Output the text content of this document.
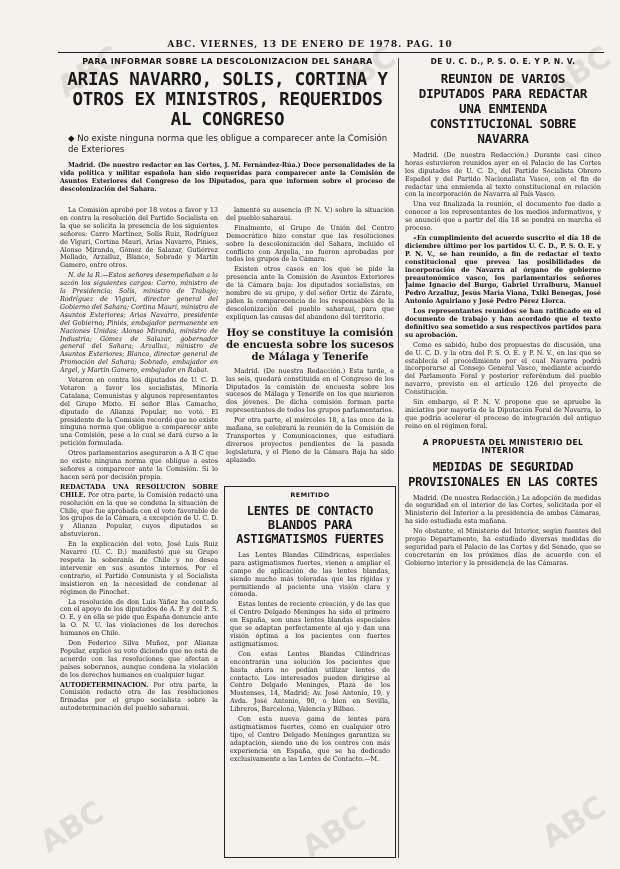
ABC	ABC	ABC
ABC	ABC	ABC
ABC. VIERNES, 13 DE ENERO DE 1978. PAG. 10
PARA INFORMAR SOBRE LA DESCOLONIZACION DEL SAHARA
ARIAS NAVARRO, SOLIS, CORTINA Y OTROS EX MINISTROS, REQUERIDOS AL CONGRESO
◆ No existe ninguna norma que les obligue a comparecer ante la Comisión de Exteriores

Madrid. (De nuestro redactor en las Cortes, J. M. Fernández-Rúa.) Doce personalidades de la vida política y militar española han sido requeridas para comparecer ante la Comisión de Asuntos Exteriores del Congreso de los Diputados, para que informen sobre el proceso de descolonización del Sahara.

La Comisión aprobó por 18 votos a favor y 13 en contra la resolución del Partido Socialista en la que se solicita la presencia de los siguientes señores: Carro Martínez, Solís Ruiz, Rodríguez de Viguri, Cortina Mauri, Arias Navarro, Pinies, Alonso Miranda, Gómez de Salazar, Gutiérrez Mellado, Arzalluz, Blanco, Sobrado y Martín Gamero, entre otros.

N. de la R.—Estos señores desempeñaban a la sazón los siguientes cargos: Carro, ministro de la Presidencia; Solís, ministro de Trabajo; Rodríguez de Viguri, director general del Gobierno del Sahara; Cortina Mauri, ministro de Asuntos Exteriores; Arias Navarro, presidente del Gobierno; Piniés, embajador permanente en Naciones Unidas; Alonso Miranda, ministro de Industria; Gómez de Salazar, gobernador general del Sahara; Arzalluz, ministro de Asuntos Exteriores; Blanco, director general de Promoción del Sahara; Sobrado, embajador en Argel, y Martín Gamero, embajador en Rabat.

Votaron en contra los diputados de U. C. D. Votaron a favor los socialistas, Minoría Catalana, Comunistas y algunos representantes del Grupo Mixto. El señor Blas Camacho, diputado de Alianza Popular, no votó. El presidente de la Comisión recordó que no existe ninguna norma que obligue a comparecer ante una Comisión, pese a lo cual se dará curso a la petición formulada.

Otros parlamentarios aseguraron a A B C que no existe ninguna norma que obligue a estos señores a comparecer ante la Comisión. Si lo hacen será por decisión propia.

REDACTADA UNA RESOLUCION SOBRE CHILE. Por otra parte, la Comisión redactó una resolución en la que se condena la situación de Chile, que fue aprobada con el voto favorable de los grupos de la Cámara, a excepción de U. C. D. y Alianza Popular, cuyos diputados se abstuvieron.

En la explicación del voto, José Luis Ruiz Navarro (U. C. D.) manifestó que su Grupo respeta la soberanía de Chile y no desea intervenir en sus asuntos internos. Por el contrario, el Partido Comunista y el Socialista insistieron en la necesidad de condenar al régimen de Pinochet.

La resolución de don Luis Yáñez ha contado con el apoyo de los diputados de A. P. y del P. S. O. E. y en ella se pide que España denuncie ante la O. N. U. las violaciones de los derechos humanos en Chile.

Don Federico Silva Muñoz, por Alianza Popular, explicó su voto diciendo que no está de acuerdo con las resoluciones que afectan a países soberanos, aunque condena la violación de los derechos humanos en cualquier lugar.

AUTODETERMINACION. Por otra parte, la Comisión redactó otra de las resoluciones firmadas por el grupo socialista sobre la autodeterminación del pueblo saharaui.

lamentó su ausencia (P. N. V.) sobre la situación del pueblo saharaui.

Finalmente, el Grupo de Unión del Centro Democrático hizo constar que las resoluciones sobre la descolonización del Sahara, incluido el conflicto con Argelia, no fueron aprobadas por todos los grupos de la Cámara.

Existen otros casos en los que se pide la presencia ante la Comisión de Asuntos Exteriores de la Cámara baja: los diputados socialistas, en nombre de su grupo, y del señor Ortiz de Zárate, piden la comparecencia de los responsables de la descolonización del pueblo saharaui, para que expliquen las causas del abandono del territorio.

Hoy se constituye la comisión de encuesta sobre los sucesos de Málaga y Tenerife

Madrid. (De nuestra Redacción.) Esta tarde, a las seis, quedará constituida en el Congreso de los Diputados la comisión de encuesta sobre los sucesos de Málaga y Tenerife en los que murieron dos jóvenes. De dicha comisión forman parte representantes de todos los grupos parlamentarios.

Por otra parte, el miércoles 18, a las once de la mañana, se celebrará la reunión de la Comisión de Transportes y Comunicaciones, que estudiará diversos proyectos pendientes de la pasada legislatura, y el Pleno de la Cámara Baja ha sido aplazado.

REMITIDO
LENTES DE CONTACTO BLANDOS PARA ASTIGMATISMOS FUERTES

Las Lentes Blandas Cilíndricas, especiales para astigmatismos fuertes, vienen a ampliar el campo de aplicación de las lentes blandas, siendo mucho más toleradas que las rígidas y permitiendo al paciente una visión clara y cómoda.

Estas lentes de reciente creación, y de las que el Centro Delgado Meninges ha sido el primero en España, son unas lentes blandas especiales que se adaptan perfectamente al ojo y dan una visión óptima a los pacientes con fuertes astigmatismos.

Con estas Lentes Blandas Cilíndricas encontrarán una solución los pacientes que hasta ahora no podían utilizar lentes de contacto. Los interesados pueden dirigirse al Centro Delgado Meninges, Plaza de los Mostenses, 14, Madrid; Av. José Antonio, 19, y Avda. José Antonio, 90, o bien en Sevilla, Libreros, Barcelona, Valencia y Bilbao.

Con esta nueva gama de lentes para astigmatismos fuertes, como en cualquier otro tipo, el Centro Delgado Meninges garantiza su adaptación, siendo uno de los centros con más experiencia en España, que se ha dedicado exclusivamente a las Lentes de Contacto.—M.

DE U. C. D., P. S. O. E. Y P. N. V.
REUNION DE VARIOS DIPUTADOS PARA REDACTAR UNA ENMIENDA CONSTITUCIONAL SOBRE NAVARRA

Madrid. (De nuestra Redacción.) Durante casi cinco horas estuvieron reunidos ayer en el Palacio de las Cortes los diputados de U. C. D., del Partido Socialista Obrero Español y del Partido Nacionalista Vasco, con el fin de redactar una enmienda al texto constitucional en relación con la incorporación de Navarra al País Vasco.

Una vez finalizada la reunión, el documento fue dado a conocer a los representantes de los medios informativos, y se anunció que a partir del día 18 se pondrá en marcha el proceso.

«En cumplimiento del acuerdo suscrito el día 18 de diciembre último por los partidos U. C. D., P. S. O. E. y P. N. V., se han reunido, a fin de redactar el texto constitucional que prevea las posibilidades de incorporación de Navarra al órgano de gobierno preautonómico vasco, los parlamentarios señores Jaime Ignacio del Burgo, Gabriel Urralburu, Manuel Pedro Arzalluz, Jesús María Viana, Txiki Benegas, José Antonio Aguiriano y José Pedro Pérez Llorca.

Los representantes reunidos se han ratificado en el documento de trabajo y han acordado que el texto definitivo sea sometido a sus respectivos partidos para su aprobación.

Como es sabido, hubo dos propuestas de discusión, una de U. C. D. y la otra del P. S. O. E. y P. N. V., en las que se establecía el procedimiento por el cual Navarra podrá incorporarse al Consejo General Vasco, mediante acuerdo del Parlamento Foral y posterior referéndum del pueblo navarro, previsto en el artículo 126 del proyecto de Constitución.

Sin embargo, el P. N. V. propone que se apruebe la iniciativa por mayoría de la Diputación Foral de Navarra, lo que podría acelerar el proceso de integración del antiguo reino en el régimen foral.

A PROPUESTA DEL MINISTERIO DEL INTERIOR
MEDIDAS DE SEGURIDAD PROVISIONALES EN LAS CORTES

Madrid. (De nuestra Redacción.) La adopción de medidas de seguridad en el interior de las Cortes, solicitada por el Ministerio del Interior a la presidencia de ambas Cámaras, ha sido estudiada esta mañana.

No obstante, el Ministerio del Interior, según fuentes del propio Departamento, ha estudiado diversas medidas de seguridad para el Palacio de las Cortes y del Senado, que se concretarán en los próximos días de acuerdo con el Gobierno interior y la presidencia de las Cámaras.
